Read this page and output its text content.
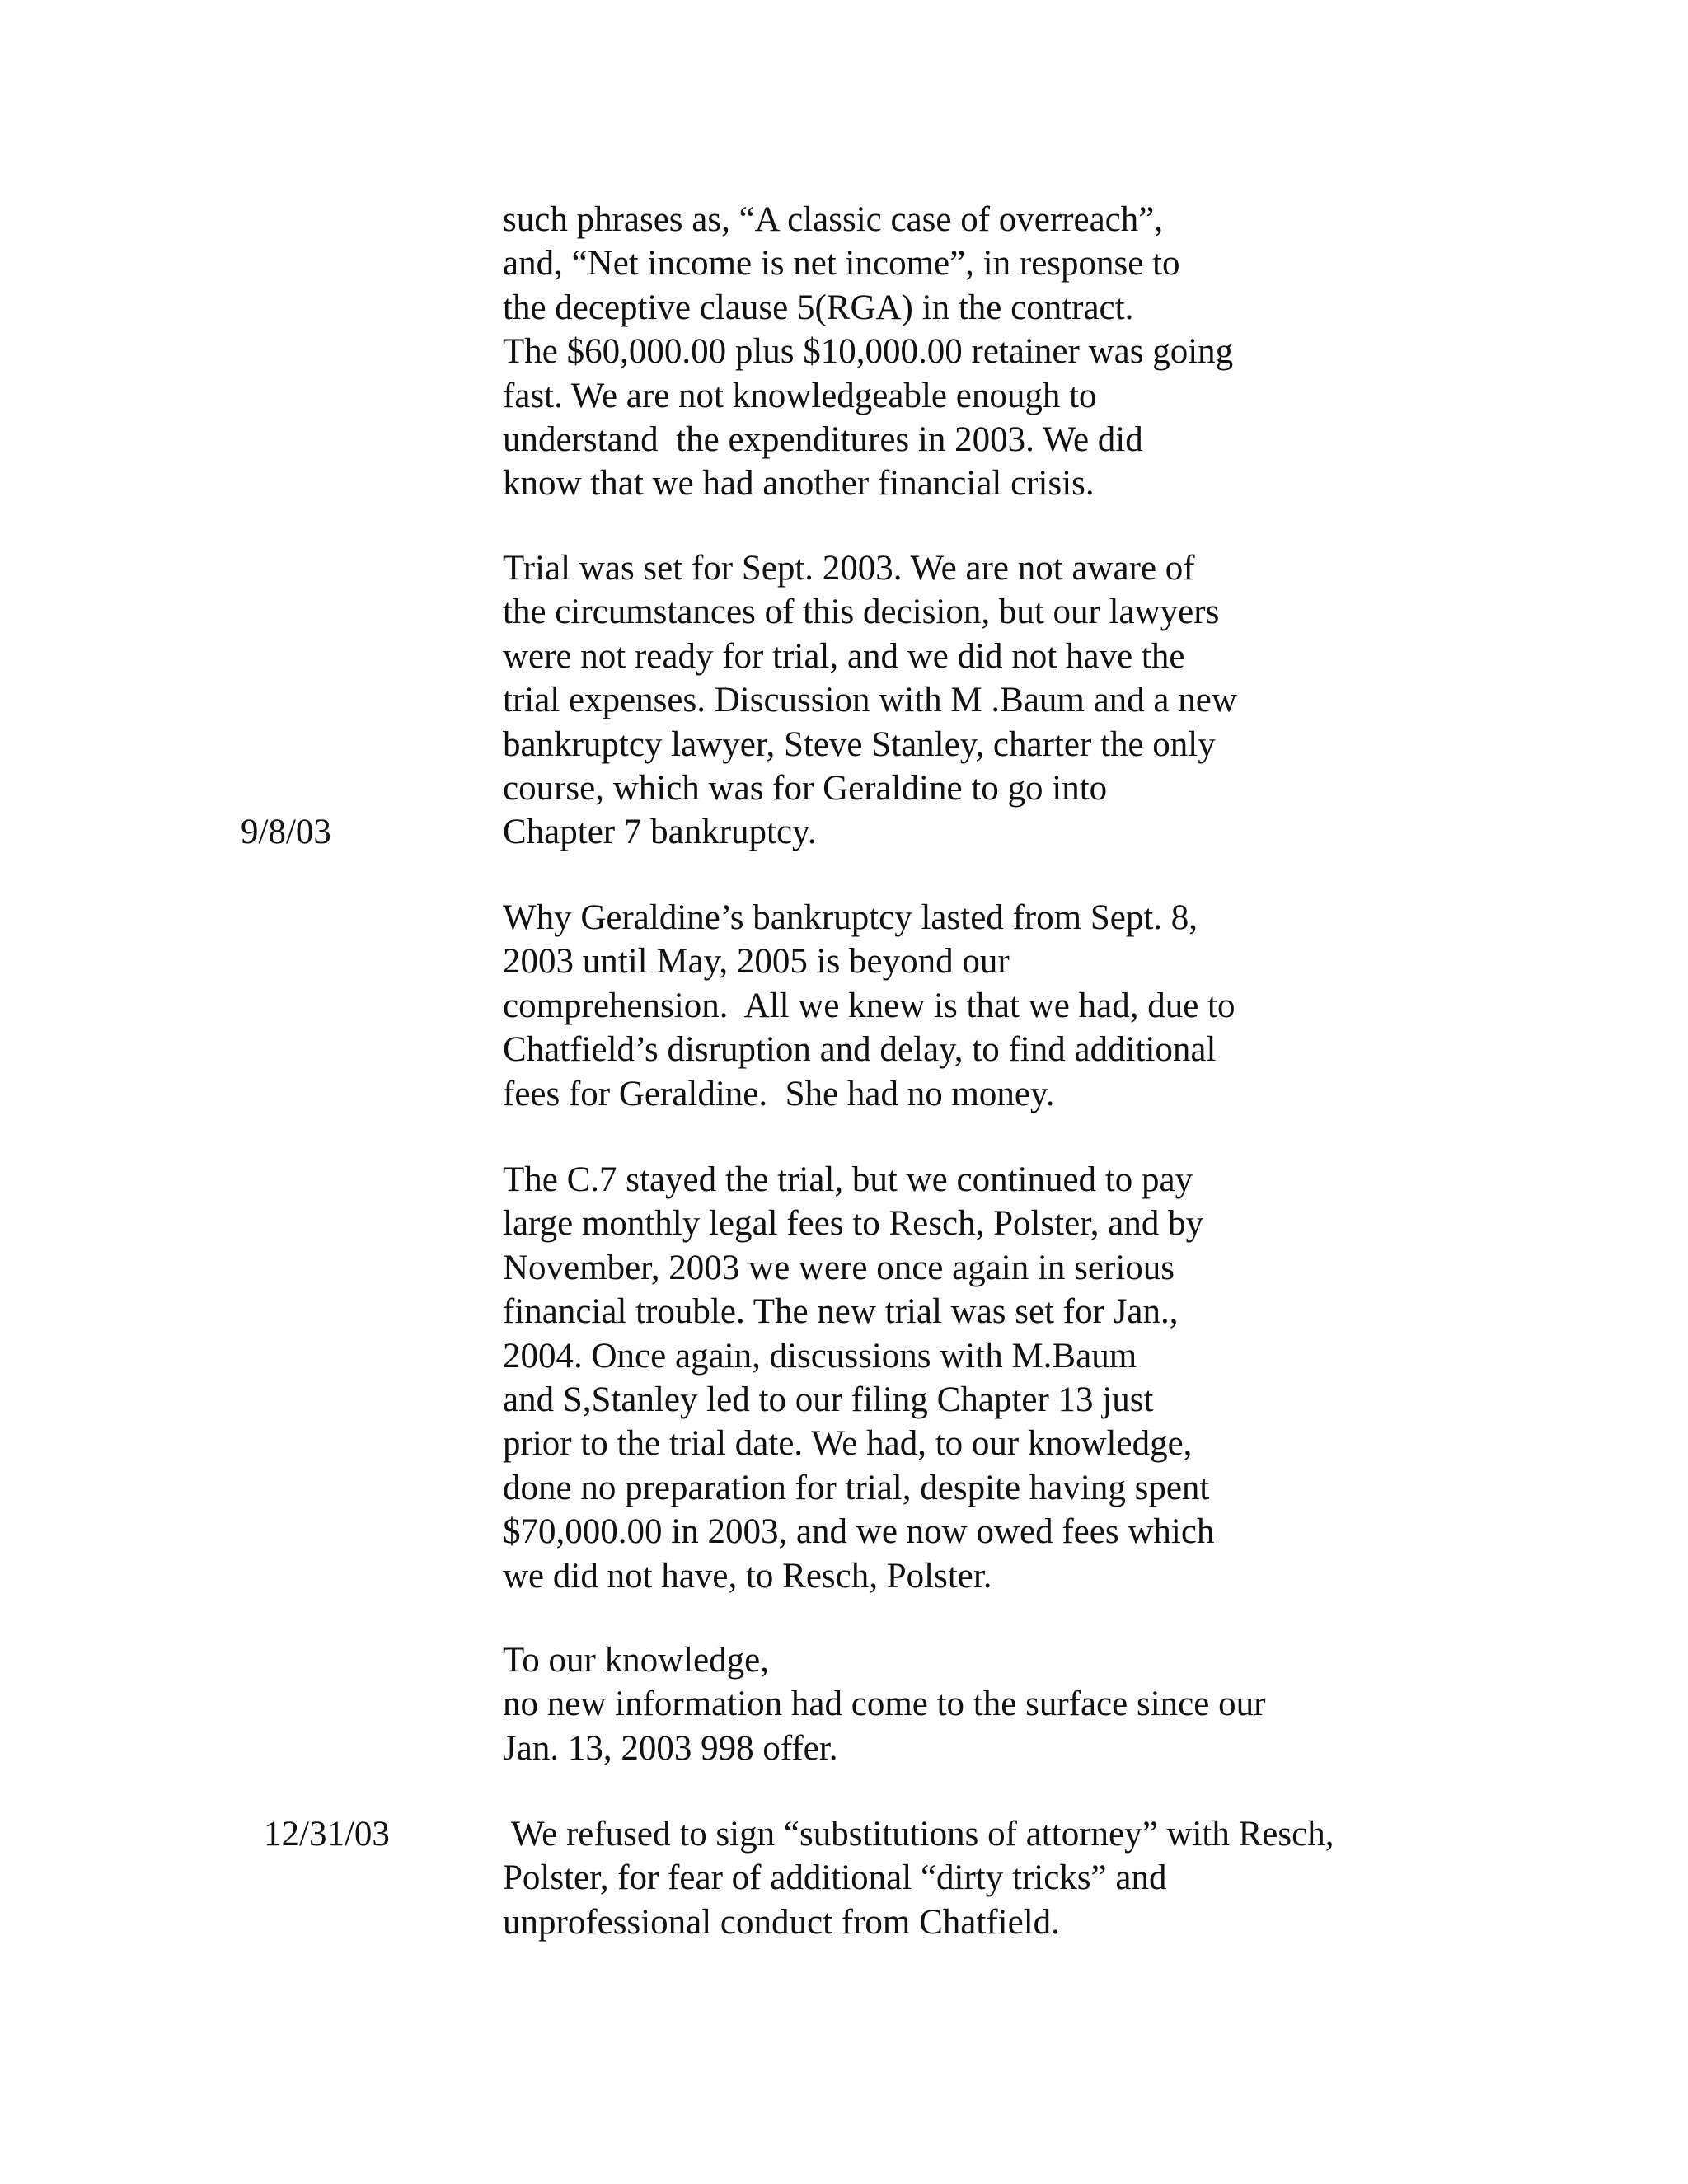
such phrases as, “A classic case of overreach”,
and, “Net income is net income”, in response to
the deceptive clause 5(RGA) in the contract.
The $60,000.00 plus $10,000.00 retainer was going
fast. We are not knowledgeable enough to
understand  the expenditures in 2003. We did
know that we had another financial crisis.
Trial was set for Sept. 2003. We are not aware of
the circumstances of this decision, but our lawyers
were not ready for trial, and we did not have the
trial expenses. Discussion with M .Baum and a new
bankruptcy lawyer, Steve Stanley, charter the only
course, which was for Geraldine to go into
Chapter 7 bankruptcy.
9/8/03
Why Geraldine’s bankruptcy lasted from Sept. 8,
2003 until May, 2005 is beyond our
comprehension.  All we knew is that we had, due to
Chatfield’s disruption and delay, to find additional
fees for Geraldine.  She had no money.
The C.7 stayed the trial, but we continued to pay
large monthly legal fees to Resch, Polster, and by
November, 2003 we were once again in serious
financial trouble. The new trial was set for Jan.,
2004. Once again, discussions with M.Baum
and S,Stanley led to our filing Chapter 13 just
prior to the trial date. We had, to our knowledge,
done no preparation for trial, despite having spent
$70,000.00 in 2003, and we now owed fees which
we did not have, to Resch, Polster.
To our knowledge,
no new information had come to the surface since our
Jan. 13, 2003 998 offer.
12/31/03	We refused to sign “substitutions of attorney” with Resch,
Polster, for fear of additional “dirty tricks” and
unprofessional conduct from Chatfield.
